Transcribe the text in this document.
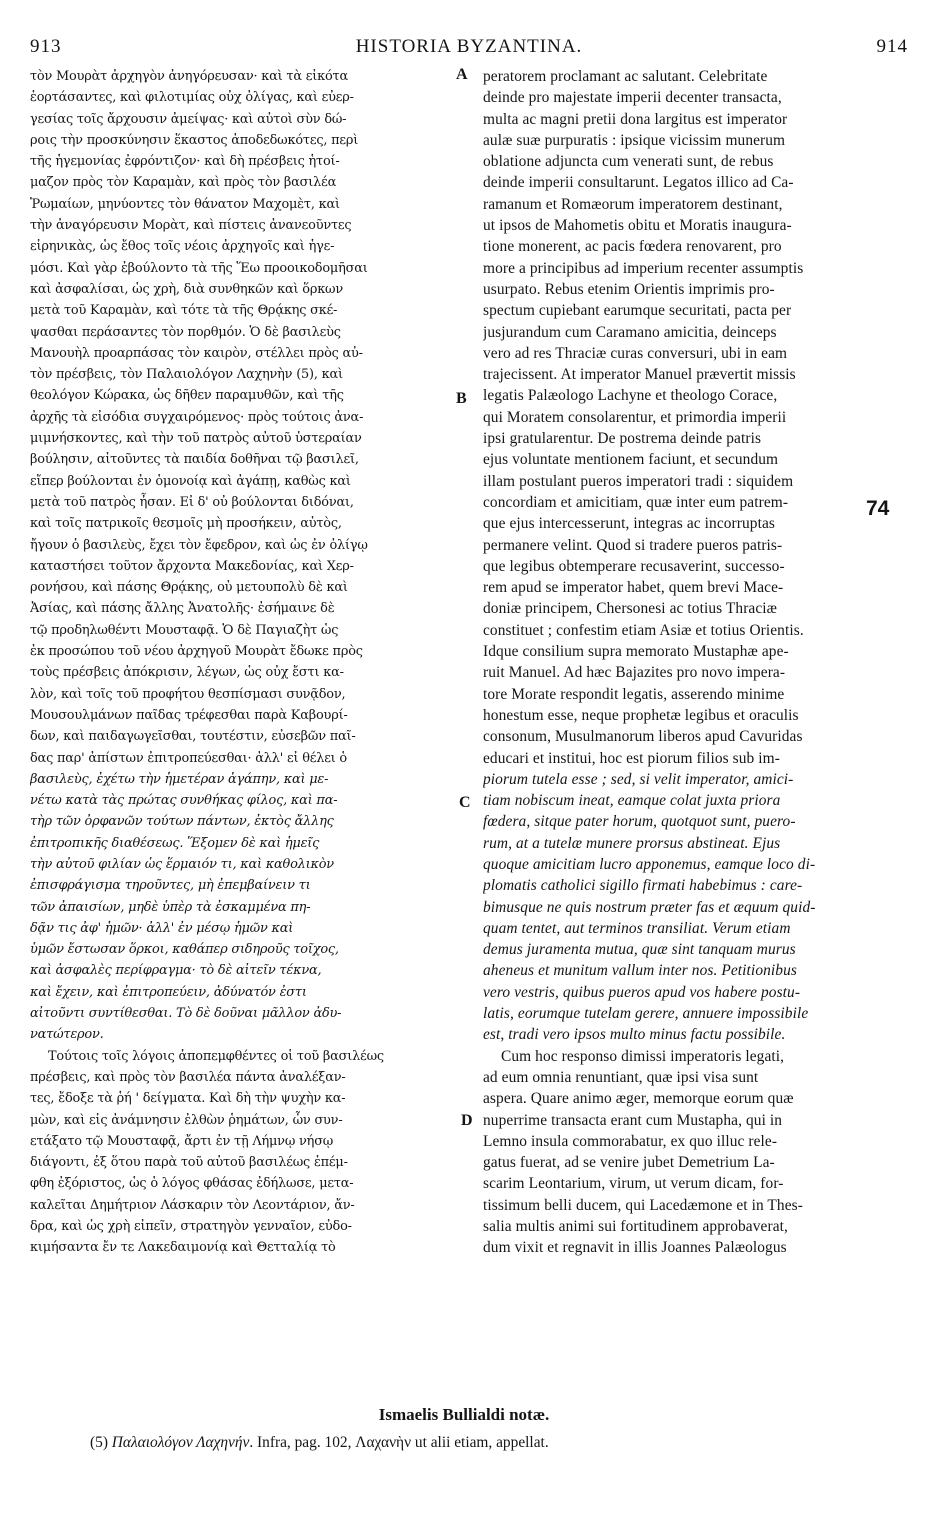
913	HISTORIA BYZANTINA.	914
τὸν Μουρὰτ ἀρχηγὸν ἀνηγόρευσαν· καὶ τὰ εἰκότα
ἑορτάσαντες, καὶ φιλοτιμίας οὐχ ὀλίγας, καὶ εὐερ-
γεσίας τοῖς ἄρχουσιν ἀμείψας· καὶ αὐτοὶ σὺν δώ-
ροις τὴν προσκύνησιν ἕκαστος ἀποδεδωκότες, περὶ
τῆς ἡγεμονίας ἐφρόντιζον· καὶ δὴ πρέσβεις ἡτοί-
μαζον πρὸς τὸν Καραμὰν, καὶ πρὸς τὸν βασιλέα
Ῥωμαίων, μηνύοντες τὸν θάνατον Μαχομὲτ, καὶ
τὴν ἀναγόρευσιν Μορὰτ, καὶ πίστεις ἀνανεοῦντες
εἰρηνικὰς, ὡς ἔθος τοῖς νέοις ἀρχηγοῖς καὶ ἡγε-
μόσι. Καὶ γὰρ ἐβούλοντο τὰ τῆς Ἕω προοικοδομῆσαι
καὶ ἀσφαλίσαι, ὡς χρὴ, διὰ συνθηκῶν καὶ ὅρκων
μετὰ τοῦ Καραμὰν, καὶ τότε τὰ τῆς Θρᾴκης σκέ-
ψασθαι περάσαντες τὸν πορθμόν. Ὁ δὲ βασιλεὺς
Μανουὴλ προαρπάσας τὸν καιρὸν, στέλλει πρὸς αὐ-
τὸν πρέσβεις, τὸν Παλαιολόγον Λαχηνὴν (5), καὶ
θεολόγον Κώρακα, ὡς δῆθεν παραμυθῶν, καὶ τῆς
ἀρχῆς τὰ εἰσόδια συγχαιρόμενος· πρὸς τούτοις ἀνα-
μιμνήσκοντες, καὶ τὴν τοῦ πατρὸς αὐτοῦ ὑστεραίαν
βούλησιν, αἰτοῦντες τὰ παιδία δοθῆναι τῷ βασιλεῖ,
εἴπερ βούλονται ἐν ὁμονοίᾳ καὶ ἀγάπῃ, καθὼς καὶ
μετὰ τοῦ πατρὸς ἦσαν. Εἰ δ' οὐ βούλονται διδόναι,
καὶ τοῖς πατρικοῖς θεσμοῖς μὴ προσήκειν, αὐτὸς,
ἤγουν ὁ βασιλεὺς, ἔχει τὸν ἔφεδρον, καὶ ὡς ἐν ὀλίγῳ
καταστήσει τοῦτον ἄρχοντα Μακεδονίας, καὶ Χερ-
ρονήσου, καὶ πάσης Θρᾴκης, οὐ μετουπολὺ δὲ καὶ
Ἀσίας, καὶ πάσης ἄλλης Ἀνατολῆς· ἐσήμαινε δὲ
τῷ προδηλωθέντι Μουσταφᾷ. Ὁ δὲ Παγιαζὴτ ὡς
ἐκ προσώπου τοῦ νέου ἀρχηγοῦ Μουρὰτ ἔδωκε πρὸς
τοὺς πρέσβεις ἀπόκρισιν, λέγων, ὡς οὐχ ἔστι κα-
λὸν, καὶ τοῖς τοῦ προφήτου θεσπίσμασι συνᾷδον,
Μουσουλμάνων παῖδας τρέφεσθαι παρὰ Καβουρί-
δων, καὶ παιδαγωγεῖσθαι, τουτέστιν, εὐσεβῶν παῖ-
δας παρ' ἀπίστων ἐπιτροπεύεσθαι· ἀλλ' εἰ θέλει ὁ
βασιλεὺς, ἐχέτω τὴν ἡμετέραν ἀγάπην, καὶ με-
νέτω κατὰ τὰς πρώτας συνθήκας φίλος, καὶ πα-
τὴρ τῶν ὀρφανῶν τούτων πάντων, ἐκτὸς ἄλλης
ἐπιτροπικῆς διαθέσεως. Ἕξομεν δὲ καὶ ἡμεῖς
τὴν αὐτοῦ φιλίαν ὡς ἕρμαιόν τι, καὶ καθολικὸν
ἐπισφράγισμα τηροῦντες, μὴ ἐπεμβαίνειν τι
τῶν ἀπαισίων, μηδὲ ὑπὲρ τὰ ἐσκαμμένα πη-
δᾷν τις ἀφ' ἡμῶν· ἀλλ' ἐν μέσῳ ἡμῶν καὶ
ὑμῶν ἔστωσαν ὅρκοι, καθάπερ σιδηροῦς τοῖχος,
καὶ ἀσφαλὲς περίφραγμα· τὸ δὲ αἰτεῖν τέκνα,
καὶ ἔχειν, καὶ ἐπιτροπεύειν, ἀδύνατόν ἐστι
αἰτοῦντι συντίθεσθαι. Τὸ δὲ δοῦναι μᾶλλον ἀδυ-
νατώτερον.
Τούτοις τοῖς λόγοις ἀποπεμφθέντες οἱ τοῦ βασιλέως
πρέσβεις, καὶ πρὸς τὸν βασιλέα πάντα ἀναλέξαν-
τες, ἔδοξε τὰ ῥή ' δείγματα. Καὶ δὴ τὴν ψυχὴν κα-
μὼν, καὶ εἰς ἀνάμνησιν ἐλθὼν ῥημάτων, ὧν συν-
ετάξατο τῷ Μουσταφᾷ, ἄρτι ἐν τῇ Λήμνῳ νήσῳ
διάγοντι, ἐξ ὅτου παρὰ τοῦ αὐτοῦ βασιλέως ἐπέμ-
φθη ἐξόριστος, ὡς ὁ λόγος φθάσας ἐδήλωσε, μετα-
καλεῖται Δημήτριον Λάσκαριν τὸν Λεοντάριον, ἄν-
δρα, καὶ ὡς χρὴ εἰπεῖν, στρατηγὸν γενναῖον, εὐδο-
κιμήσαντα ἔν τε Λακεδαιμονίᾳ καὶ Θετταλίᾳ τὸ
peratorem proclamant ac salutant. Celebritate
deinde pro majestate imperii decenter transacta,
multa ac magni pretii dona largitus est imperator
aulæ suæ purpuratis : ipsique vicissim munerum
oblatione adjuncta cum venerati sunt, de rebus
deinde imperii consultarunt. Legatos illico ad Ca-
ramanum et Romæorum imperatorem destinant,
ut ipsos de Mahometis obitu et Moratis inaugura-
tione monerent, ac pacis fœdera renovarent, pro
more a principibus ad imperium recenter assumptis
usurpato. Rebus etenim Orientis imprimis pro-
spectum cupiebant earumque securitati, pacta per
jusjurandum cum Caramano amicitia, deinceps
vero ad res Thraciæ curas conversuri, ubi in eam
trajecissent. At imperator Manuel prævertit missis
legatis Palæologo Lachyne et theologo Corace,
qui Moratem consolarentur, et primordia imperii
ipsi gratularentur. De postrema deinde patris
ejus voluntate mentionem faciunt, et secundum
illam postulant pueros imperatori tradi : siquidem
concordiam et amicitiam, quæ inter eum patrem-
que ejus intercesserunt, integras ac incorruptas
permanere velint. Quod si tradere pueros patris-
que legibus obtemperare recusaverint, successo-
rem apud se imperator habet, quem brevi Mace-
doniæ principem, Chersonesi ac totius Thraciæ
constituet ; confestim etiam Asiæ et totius Orientis.
Idque consilium supra memorato Mustaphæ ape-
ruit Manuel. Ad hæc Bajazites pro novo impera-
tore Morate respondit legatis, asserendo minime
honestum esse, neque prophetæ legibus et oraculis
consonum, Musulmanorum liberos apud Cavuridas
educari et institui, hoc est piorum filios sub im-
piorum tutela esse ; sed, si velit imperator, amici-
tiam nobiscum ineat, eamque colat juxta priora
fœdera, sitque pater horum, quotquot sunt, puero-
rum, at a tutelæ munere prorsus abstineat. Ejus
quoque amicitiam lucro apponemus, eamque loco di-
plomatis catholici sigillo firmati habebimus : care-
bimusque ne quis nostrum præter fas et æquum quid-
quam tentet, aut terminos transiliat. Verum etiam
demus juramenta mutua, quæ sint tanquam murus
aheneus et munitum vallum inter nos. Petitionibus
vero vestris, quibus pueros apud vos habere postu-
latis, eorumque tutelam gerere, annuere impossibile
est, tradi vero ipsos multo minus factu possibile.
Cum hoc responso dimissi imperatoris legati,
ad eum omnia renuntiant, quæ ipsi visa sunt
aspera. Quare animo æger, memorque eorum quæ
nuperrime transacta erant cum Mustapha, qui in
Lemno insula commorabatur, ex quo illuc rele-
gatus fuerat, ad se venire jubet Demetrium La-
scarim Leontarium, virum, ut verum dicam, for-
tissimum belli ducem, qui Lacedæmone et in Thes-
salia multis animi sui fortitudinem approbaverat,
dum vixit et regnavit in illis Joannes Palæologus
A
B
C
D
74
Ismaelis Bullialdi notæ.
(5) Παλαιολόγον Λαχηνήν. Infra, pag. 102, Λαχανὴν ut alii etiam, appellat.
